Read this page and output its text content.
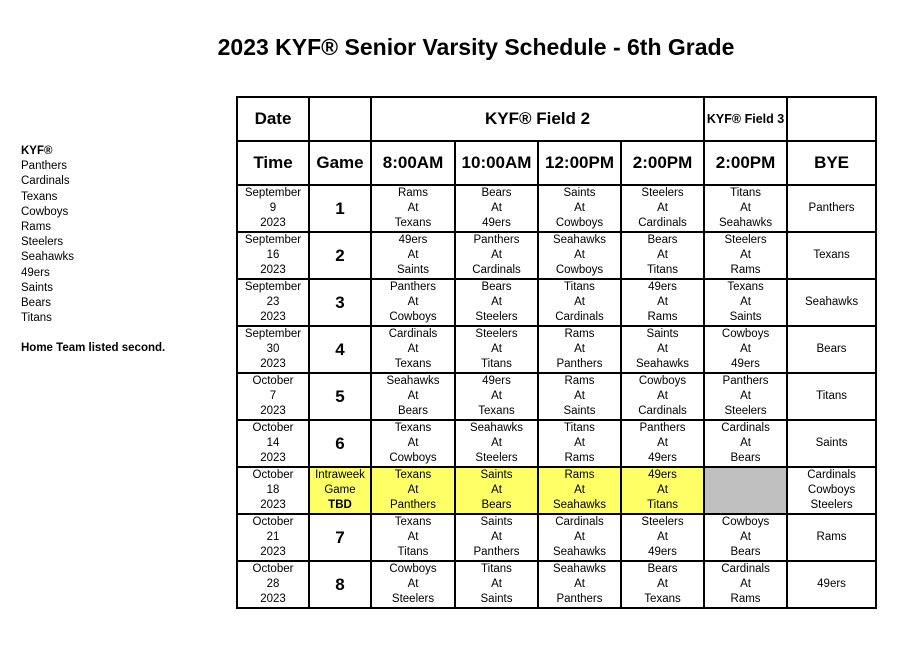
2023 KYF® Senior Varsity Schedule - 6th Grade
KYF®
Panthers
Cardinals
Texans
Cowboys
Rams
Steelers
Seahawks
49ers
Saints
Bears
Titans
Home Team listed second.
Date		KYF® Field 2				KYF® Field 3	
Time	Game	8:00AM	10:00AM	12:00PM	2:00PM	2:00PM	BYE

September
9
2023	1	Rams
At
Texans	Bears
At
49ers	Saints
At
Cowboys	Steelers
At
Cardinals	Titans
At
Seahawks	Panthers

September
16
2023	2	49ers
At
Saints	Panthers
At
Cardinals	Seahawks
At
Cowboys	Bears
At
Titans	Steelers
At
Rams	Texans

September
23
2023	3	Panthers
At
Cowboys	Bears
At
Steelers	Titans
At
Cardinals	49ers
At
Rams	Texans
At
Saints	Seahawks

September
30
2023	4	Cardinals
At
Texans	Steelers
At
Titans	Rams
At
Panthers	Saints
At
Seahawks	Cowboys
At
49ers	Bears

October
7
2023	5	Seahawks
At
Bears	49ers
At
Texans	Rams
At
Saints	Cowboys
At
Cardinals	Panthers
At
Steelers	Titans

October
14
2023	6	Texans
At
Cowboys	Seahawks
At
Steelers	Titans
At
Rams	Panthers
At
49ers	Cardinals
At
Bears	Saints

October
18
2023	Intraweek
Game
TBD	Texans
At
Panthers	Saints
At
Bears	Rams
At
Seahawks	49ers
At
Titans		Cardinals
Cowboys
Steelers

October
21
2023	7	Texans
At
Titans	Saints
At
Panthers	Cardinals
At
Seahawks	Steelers
At
49ers	Cowboys
At
Bears	Rams

October
28
2023	8	Cowboys
At
Steelers	Titans
At
Saints	Seahawks
At
Panthers	Bears
At
Texans	Cardinals
At
Rams	49ers
